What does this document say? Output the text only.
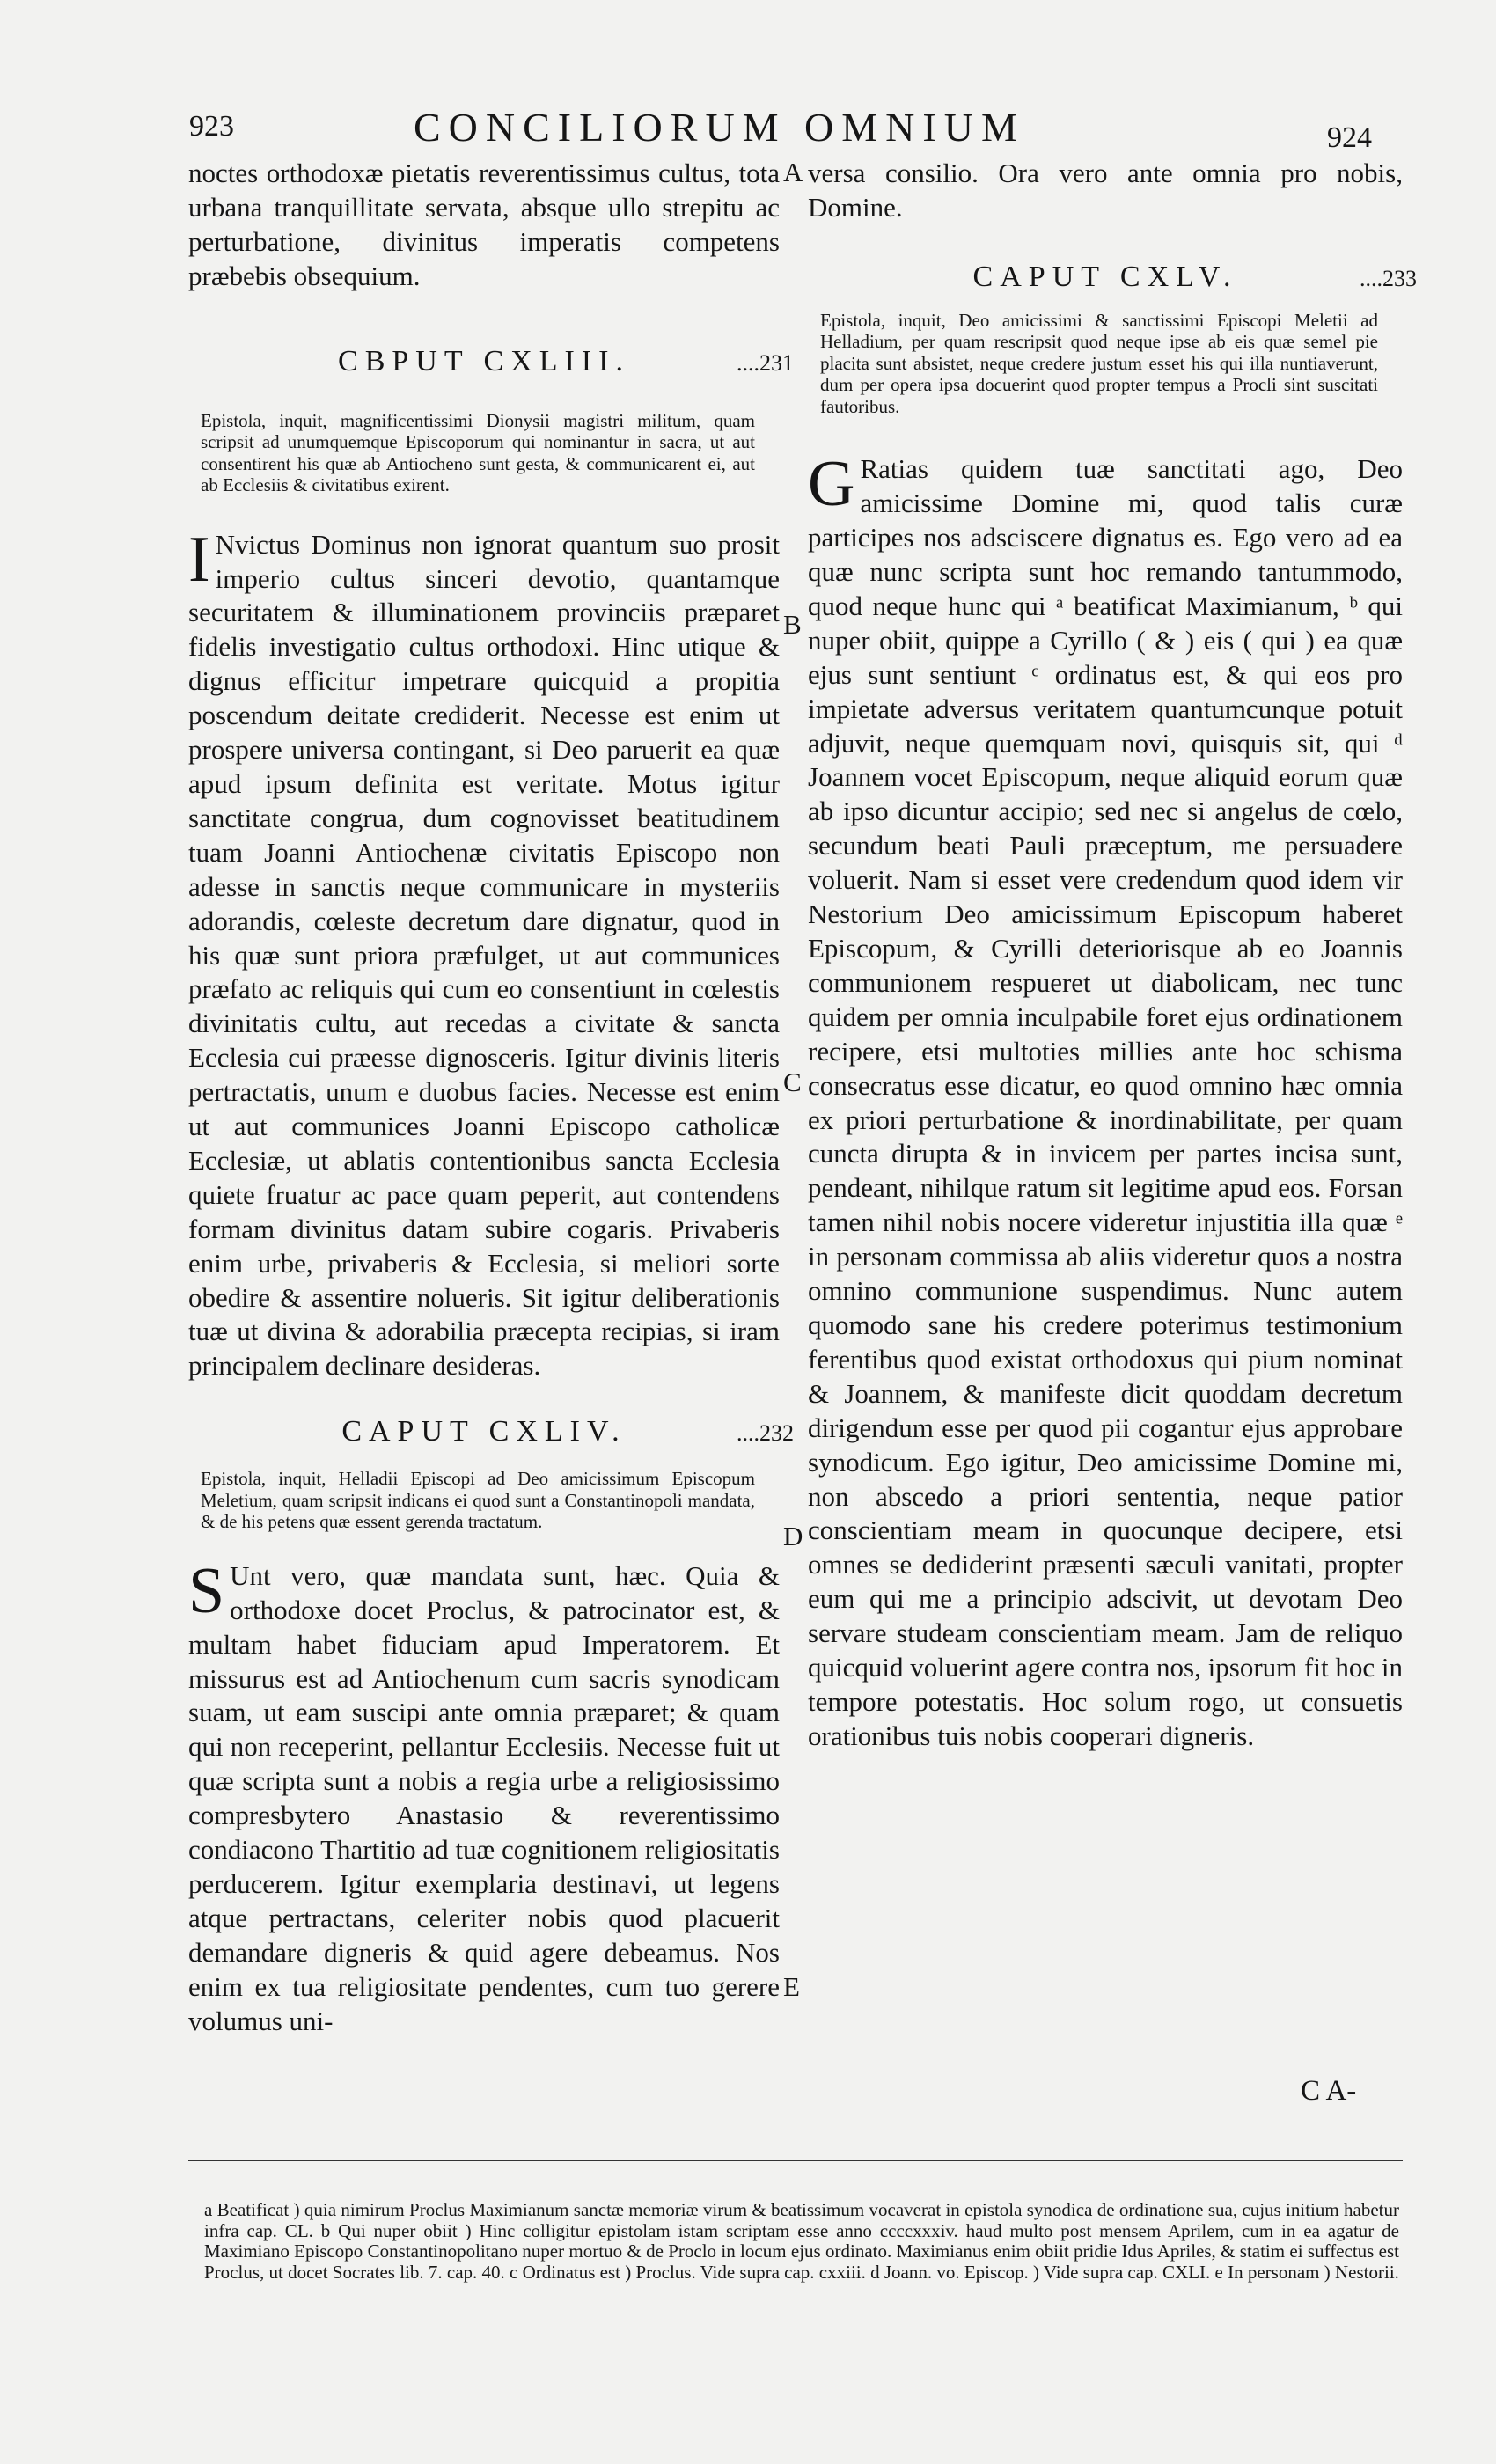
923	CONCILIORUM OMNIUM	924

noctes orthodoxæ pietatis reverentissimus cultus, tota urbana tranquillitate servata, absque ullo strepitu ac perturbatione, divinitus imperatis competens præbebis obsequium.

CBPUT CXLIII.	....231

Epistola, inquit, magnificentissimi Dionysii magistri militum, quam scripsit ad unumquemque Episcoporum qui nominantur in sacra, ut aut consentirent his quæ ab Antiocheno sunt gesta, & communicarent ei, aut ab Ecclesiis & civitatibus exirent.

I Nvictus Dominus non ignorat quantum suo prosit imperio cultus sinceri devotio, quantamque securitatem & illuminationem provinciis præparet fidelis investigatio cultus orthodoxi. Hinc utique & dignus efficitur impetrare quicquid a propitia poscendum deitate crediderit. Necesse est enim ut prospere universa contingant, si Deo paruerit ea quæ apud ipsum definita est veritate. Motus igitur sanctitate congrua, dum cognovisset beatitudinem tuam Joanni Antiochenæ civitatis Episcopo non adesse in sanctis neque communicare in mysteriis adorandis, cœleste decretum dare dignatur, quod in his quæ sunt priora præfulget, ut aut communices præfato ac reliquis qui cum eo consentiunt in cœlestis divinitatis cultu, aut recedas a civitate & sancta Ecclesia cui præesse dignosceris. Igitur divinis literis pertractatis, unum e duobus facies. Necesse est enim ut aut communices Joanni Episcopo catholicæ Ecclesiæ, ut ablatis contentionibus sancta Ecclesia quiete fruatur ac pace quam peperit, aut contendens formam divinitus datam subire cogaris. Privaberis enim urbe, privaberis & Ecclesia, si meliori sorte obedire & assentire nolueris. Sit igitur deliberationis tuæ ut divina & adorabilia præcepta recipias, si iram principalem declinare desideras.

CAPUT CXLIV.	....232

Epistola, inquit, Helladii Episcopi ad Deo amicissimum Episcopum Meletium, quam scripsit indicans ei quod sunt a Constantinopoli mandata, & de his petens quæ essent gerenda tractatum.

S Unt vero, quæ mandata sunt, hæc. Quia & orthodoxe docet Proclus, & patrocinator est, & multam habet fiduciam apud Imperatorem. Et missurus est ad Antiochenum cum sacris synodicam suam, ut eam suscipi ante omnia præparet; & quam qui non receperint, pellantur Ecclesiis. Necesse fuit ut quæ scripta sunt a nobis a regia urbe a religiosissimo compresbytero Anastasio & reverentissimo condiacono Thartitio ad tuæ cognitionem religiositatis perducerem. Igitur exemplaria destinavi, ut legens atque pertractans, celeriter nobis quod placuerit demandare digneris & quid agere debeamus. Nos enim ex tua religiositate pendentes, cum tuo gerere volumus uni-

versa consilio. Ora vero ante omnia pro nobis, Domine.

CAPUT CXLV.	....233

Epistola, inquit, Deo amicissimi & sanctissimi Episcopi Meletii ad Helladium, per quam rescripsit quod neque ipse ab eis quæ semel pie placita sunt absistet, neque credere justum esset his qui illa nuntiaverunt, dum per opera ipsa docuerint quod propter tempus a Procli sint suscitati fautoribus.

G Ratias quidem tuæ sanctitati ago, Deo amicissime Domine mi, quod talis curæ participes nos adsciscere dignatus es. Ego vero ad ea quæ nunc scripta sunt hoc remando tantummodo, quod neque hunc qui ᵃ beatificat Maximianum, ᵇ qui nuper obiit, quippe a Cyrillo ( & ) eis ( qui ) ea quæ ejus sunt sentiunt ᶜ ordinatus est, & qui eos pro impietate adversus veritatem quantumcunque potuit adjuvit, neque quemquam novi, quisquis sit, qui ᵈ Joannem vocet Episcopum, neque aliquid eorum quæ ab ipso dicuntur accipio; sed nec si angelus de cœlo, secundum beati Pauli præceptum, me persuadere voluerit. Nam si esset vere credendum quod idem vir Nestorium Deo amicissimum Episcopum haberet Episcopum, & Cyrilli deteriorisque ab eo Joannis communionem respueret ut diabolicam, nec tunc quidem per omnia inculpabile foret ejus ordinationem recipere, etsi multoties millies ante hoc schisma consecratus esse dicatur, eo quod omnino hæc omnia ex priori perturbatione & inordinabilitate, per quam cuncta dirupta & in invicem per partes incisa sunt, pendeant, nihilque ratum sit legitime apud eos. Forsan tamen nihil nobis nocere videretur injustitia illa quæ ᵉ in personam commissa ab aliis videretur quos a nostra omnino communione suspendimus. Nunc autem quomodo sane his credere poterimus testimonium ferentibus quod existat orthodoxus qui pium nominat & Joannem, & manifeste dicit quoddam decretum dirigendum esse per quod pii cogantur ejus approbare synodicum. Ego igitur, Deo amicissime Domine mi, non abscedo a priori sententia, neque patior conscientiam meam in quocunque decipere, etsi omnes se dediderint præsenti sæculi vanitati, propter eum qui me a principio adscivit, ut devotam Deo servare studeam conscientiam meam. Jam de reliquo quicquid voluerint agere contra nos, ipsorum fit hoc in tempore potestatis. Hoc solum rogo, ut consuetis orationibus tuis nobis cooperari digneris.

A
B
C
D
E
C A-

a Beatificat ) quia nimirum Proclus Maximianum sanctæ memoriæ virum & beatissimum vocaverat in epistola synodica de ordinatione sua, cujus initium habetur infra cap. CL. b Qui nuper obiit ) Hinc colligitur epistolam istam scriptam esse anno ccccxxxiv. haud multo post mensem Aprilem, cum in ea agatur de Maximiano Episcopo Constantinopolitano nuper mortuo & de Proclo in locum ejus ordinato. Maximianus enim obiit pridie Idus Apriles, & statim ei suffectus est Proclus, ut docet Socrates lib. 7. cap. 40. c Ordinatus est ) Proclus. Vide supra cap. cxxiii. d Joann. vo. Episcop. ) Vide supra cap. CXLI. e In personam ) Nestorii.
